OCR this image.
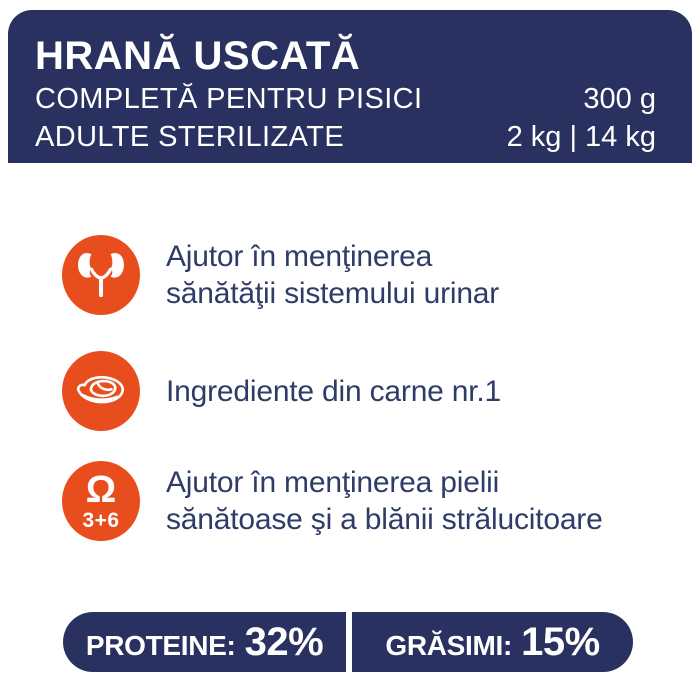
HRANĂ USCATĂ
COMPLETĂ PENTRU PISICI
ADULTE STERILIZATE
300 g
2 kg | 14 kg
Ajutor în menţinerea
sănătăţii sistemului urinar
Ingrediente din carne nr.1
Ω
3+6
Ajutor în menţinerea pielii
sănătoase şi a blănii strălucitoare
PROTEINE: 32% GRĂSIMI: 15%
